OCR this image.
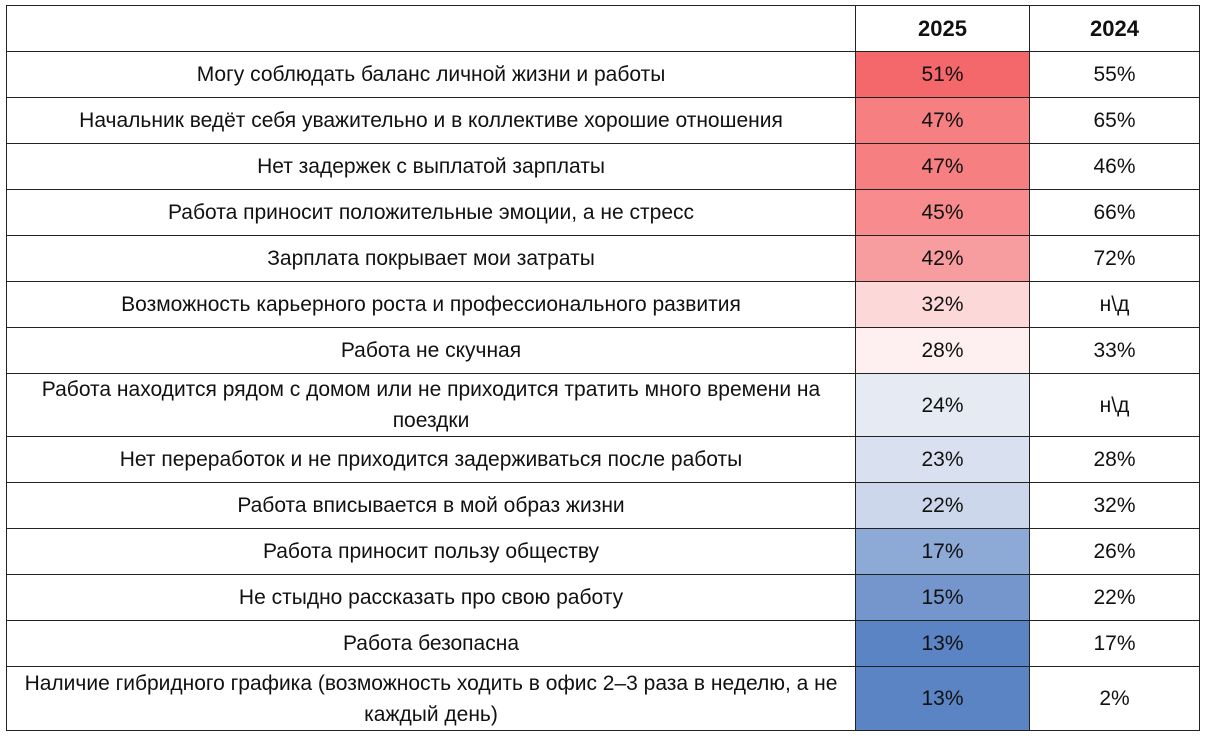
	2025	2024
Могу соблюдать баланс личной жизни и работы	51%	55%
Начальник ведёт себя уважительно и в коллективе хорошие отношения	47%	65%
Нет задержек с выплатой зарплаты	47%	46%
Работа приносит положительные эмоции, а не стресс	45%	66%
Зарплата покрывает мои затраты	42%	72%
Возможность карьерного роста и профессионального развития	32%	н\д
Работа не скучная	28%	33%
Работа находится рядом с домом или не приходится тратить много времени на поездки	24%	н\д
Нет переработок и не приходится задерживаться после работы	23%	28%
Работа вписывается в мой образ жизни	22%	32%
Работа приносит пользу обществу	17%	26%
Не стыдно рассказать про свою работу	15%	22%
Работа безопасна	13%	17%
Наличие гибридного графика (возможность ходить в офис 2–3 раза в неделю, а не каждый день)	13%	2%
